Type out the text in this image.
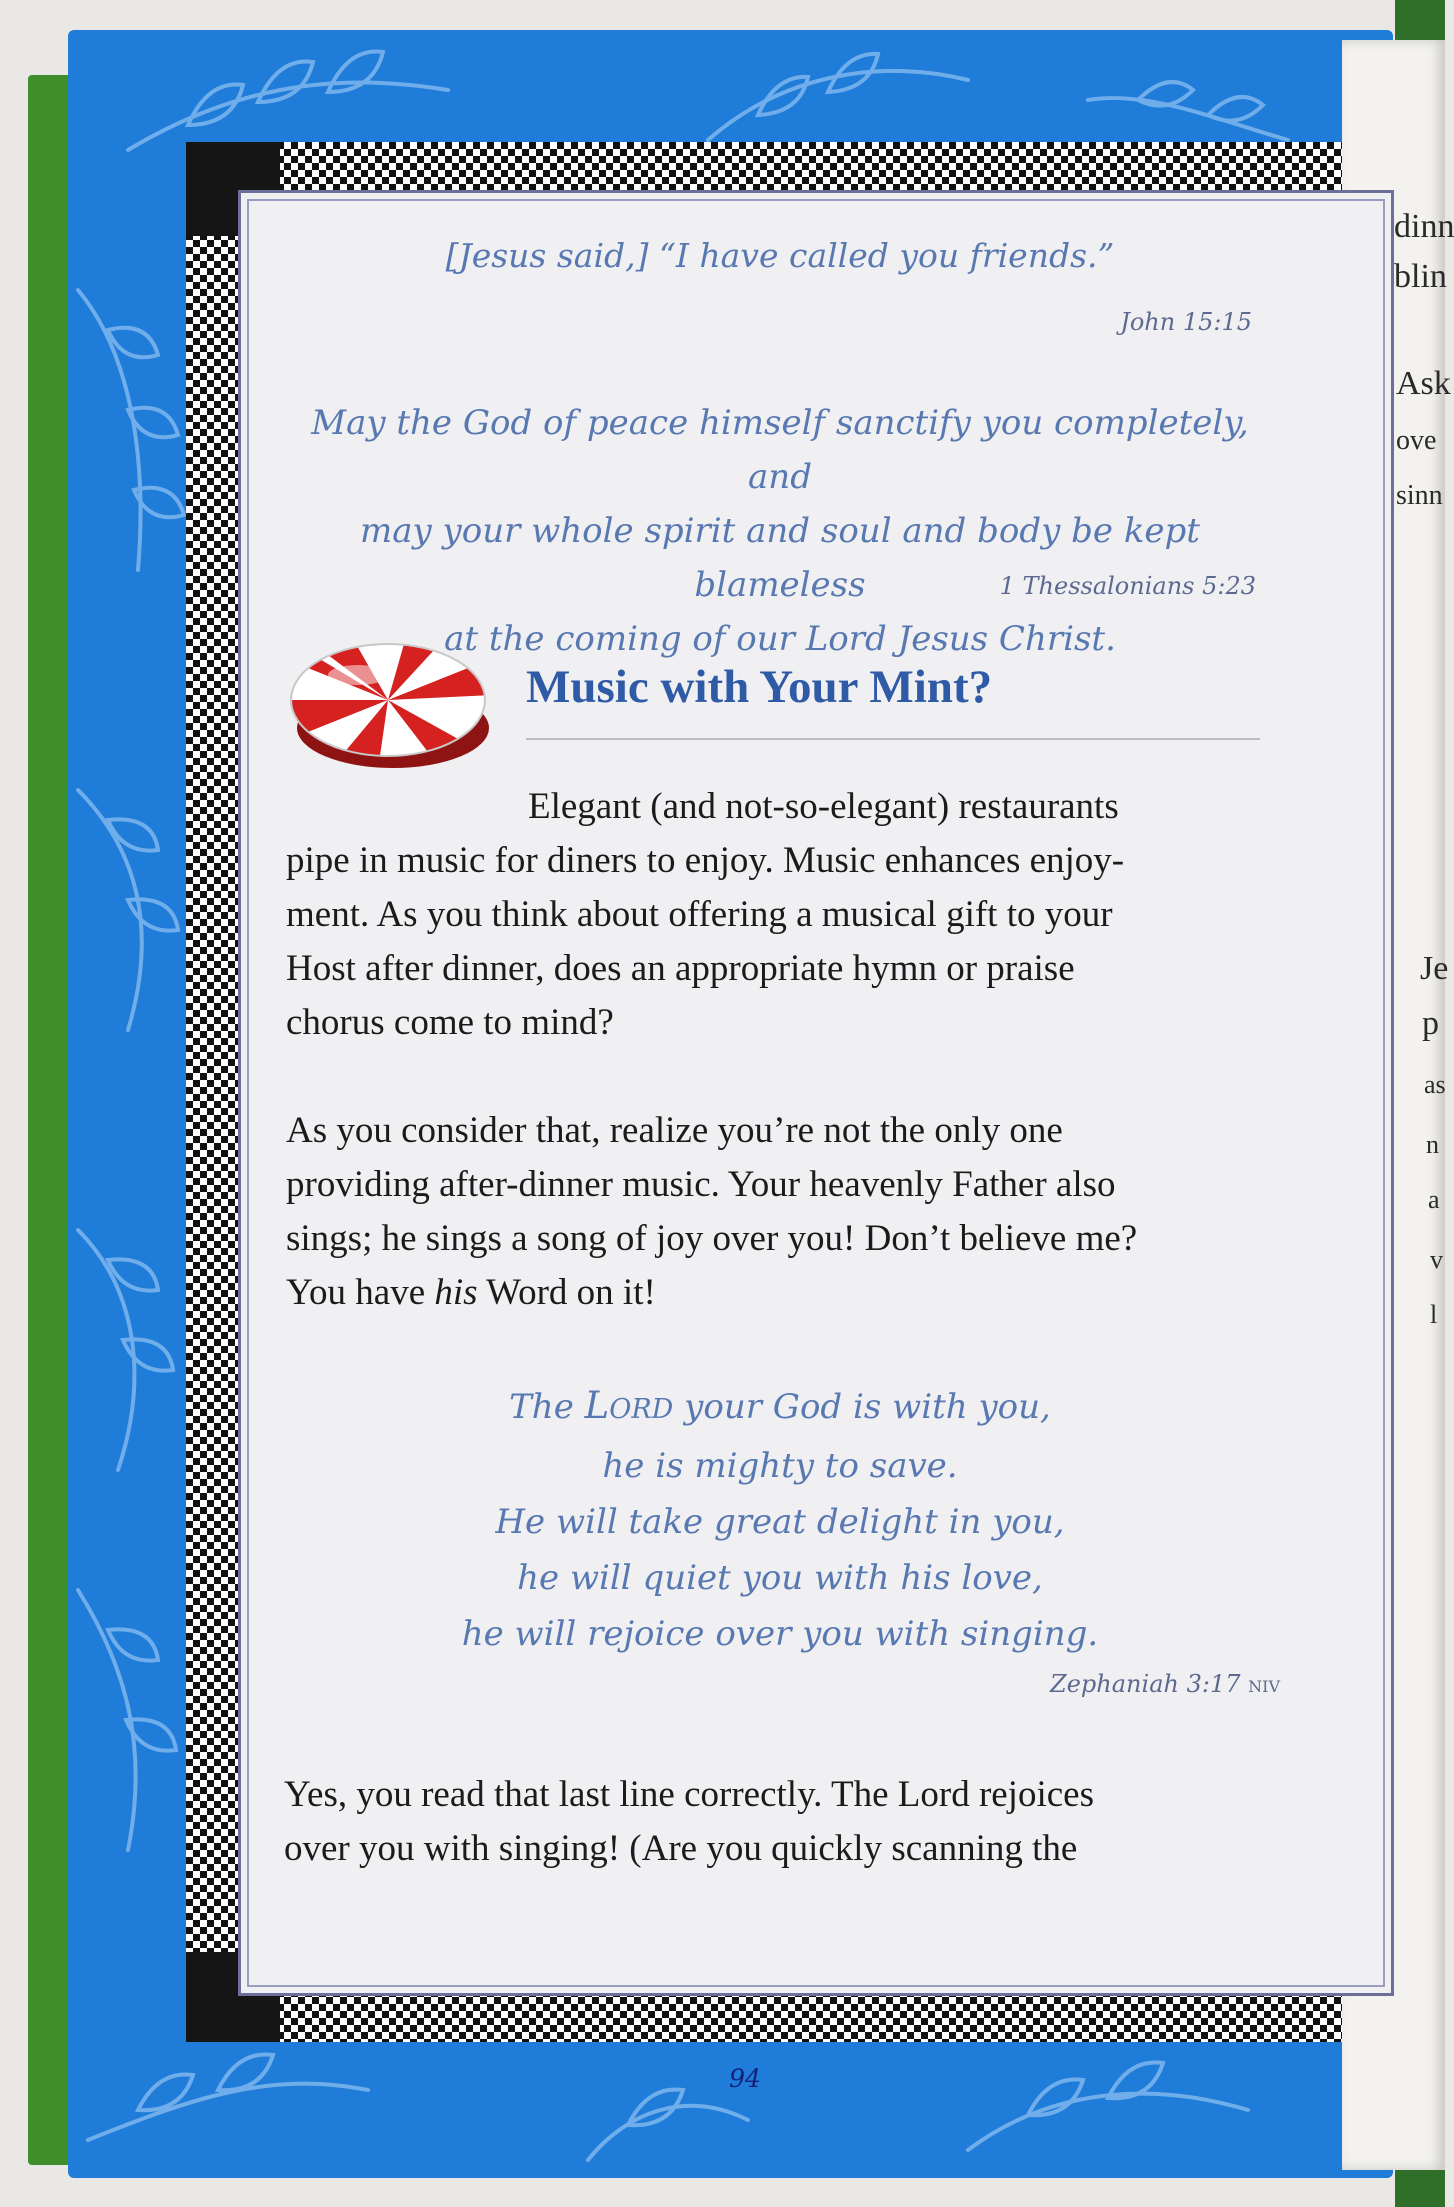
dinn
blin
Ask
ove
sinn
Je
p
as
n
a
v
l

[Jesus said,] “I have called you friends.”

John 15:15

May the God of peace himself sanctify you completely, and

may your whole spirit and soul and body be kept blameless

at the coming of our Lord Jesus Christ.

1 Thessalonians 5:23

Music with Your Mint?

Elegant (and not-so-elegant) restaurants

pipe in music for diners to enjoy. Music enhances enjoy-

ment. As you think about offering a musical gift to your

Host after dinner, does an appropriate hymn or praise

chorus come to mind?

As you consider that, realize you’re not the only one

providing after-dinner music. Your heavenly Father also

sings; he sings a song of joy over you! Don’t believe me?

You have his Word on it!

The LORD your God is with you,

he is mighty to save.

He will take great delight in you,

he will quiet you with his love,

he will rejoice over you with singing.

Zephaniah 3:17 NIV

Yes, you read that last line correctly. The Lord rejoices

over you with singing! (Are you quickly scanning the

94
